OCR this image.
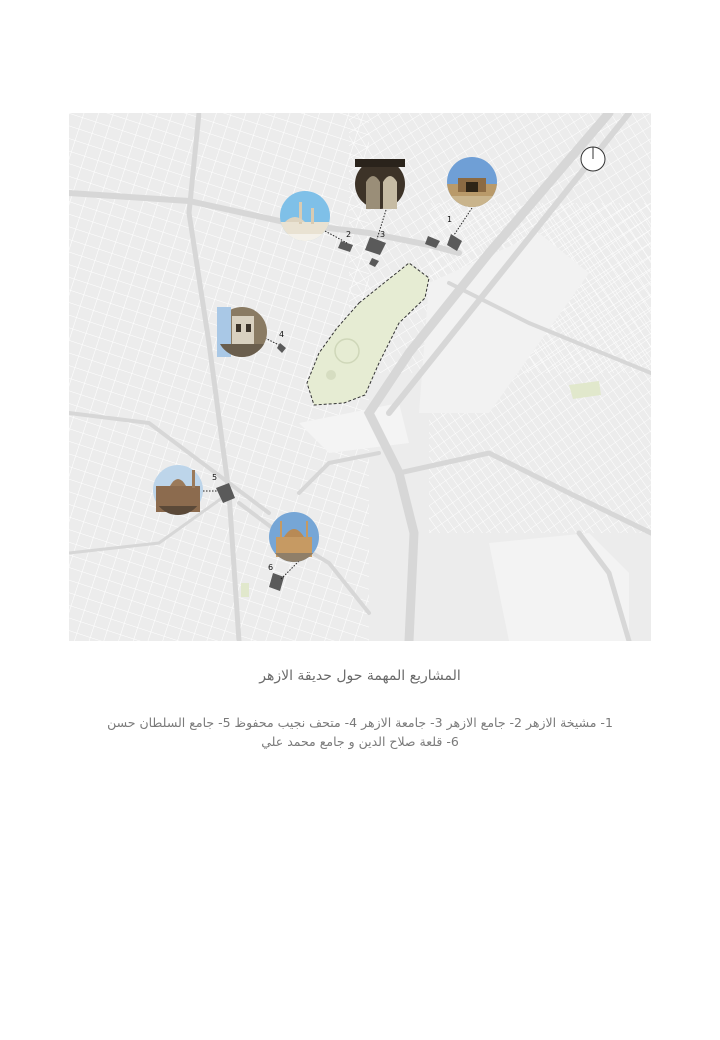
1
2	3
4
5
6
المشاريع المهمة حول حديقة الازهر
1- مشيخة الازهر 2- جامع الازهر 3- جامعة الازهر 4- متحف نجيب محفوظ 5- جامع السلطان حسن
6- قلعة صلاح الدين و جامع محمد علي
